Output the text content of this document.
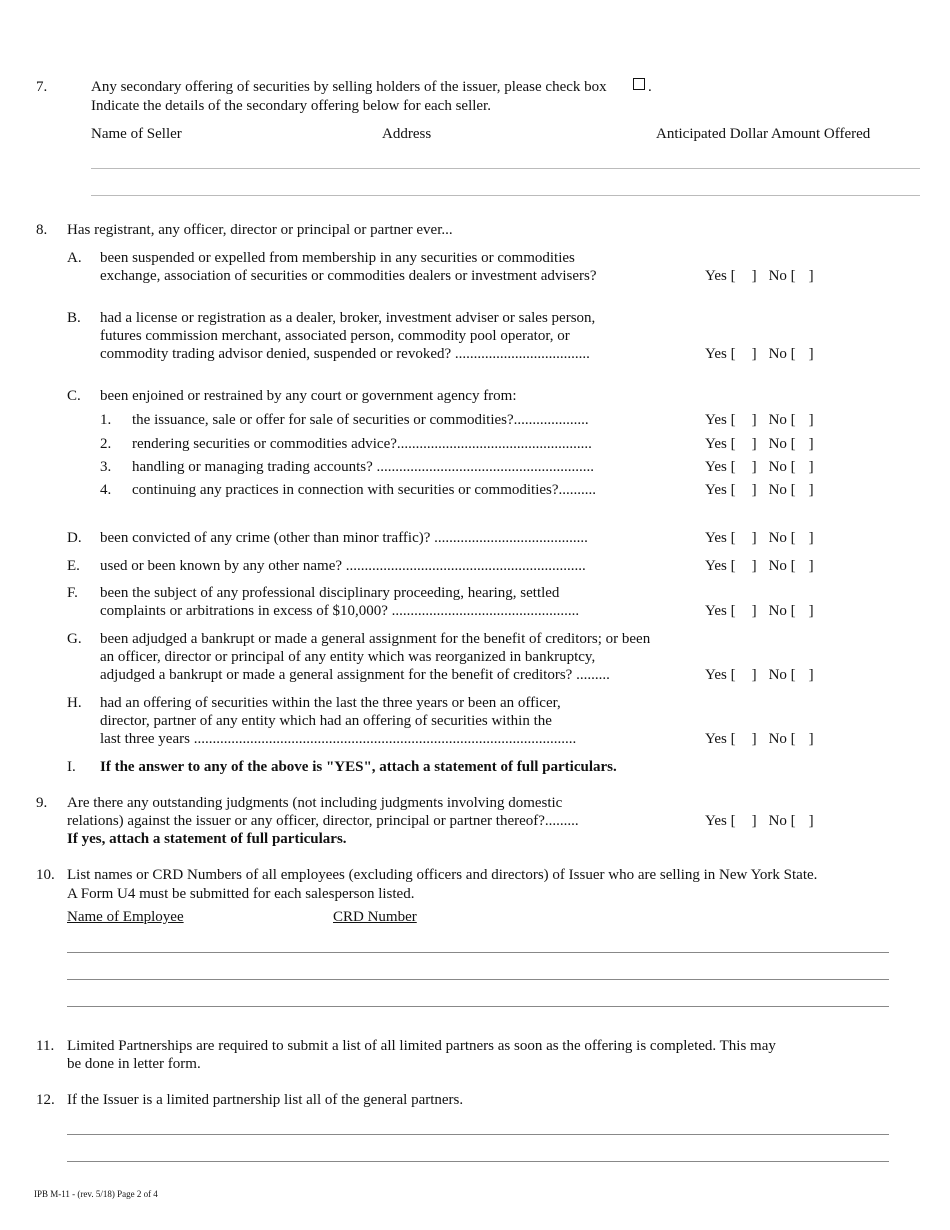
7.	Any secondary offering of securities by selling holders of the issuer, please check box	.
Indicate the details of the secondary offering below for each seller.
Name of Seller	Address	Anticipated Dollar Amount Offered
8. Has registrant, any officer, director or principal or partner ever...
A. been suspended or expelled from membership in any securities or commodities
exchange, association of securities or commodities dealers or investment advisers?	Yes [ ] No [ ]
B. had a license or registration as a dealer, broker, investment adviser or sales person,
futures commission merchant, associated person, commodity pool operator, or
commodity trading advisor denied, suspended or revoked? ....................................	Yes [ ] No [ ]
C. been enjoined or restrained by any court or government agency from:
1. the issuance, sale or offer for sale of securities or commodities?....................	Yes [ ] No [ ]
2. rendering securities or commodities advice?....................................................	Yes [ ] No [ ]
3. handling or managing trading accounts? ..........................................................	Yes [ ] No [ ]
4. continuing any practices in connection with securities or commodities?..........	Yes [ ] No [ ]
D. been convicted of any crime (other than minor traffic)? .........................................	Yes [ ] No [ ]
E. used or been known by any other name? ................................................................	Yes [ ] No [ ]
F. been the subject of any professional disciplinary proceeding, hearing, settled
complaints or arbitrations in excess of $10,000? ..................................................	Yes [ ] No [ ]
G. been adjudged a bankrupt or made a general assignment for the benefit of creditors; or been
an officer, director or principal of any entity which was reorganized in bankruptcy,
adjudged a bankrupt or made a general assignment for the benefit of creditors? .........	Yes [ ] No [ ]
H. had an offering of securities within the last the three years or been an officer,
director, partner of any entity which had an offering of securities within the
last three years ......................................................................................................	Yes [ ] No [ ]
I. If the answer to any of the above is "YES", attach a statement of full particulars.
9. Are there any outstanding judgments (not including judgments involving domestic
relations) against the issuer or any officer, director, principal or partner thereof?.........
If yes, attach a statement of full particulars.
Yes [ ] No [ ]
10. List names or CRD Numbers of all employees (excluding officers and directors) of Issuer who are selling in New York State.
A Form U4 must be submitted for each salesperson listed.
Name of Employee	CRD Number
11. Limited Partnerships are required to submit a list of all limited partners as soon as the offering is completed. This may
be done in letter form.
12. If the Issuer is a limited partnership list all of the general partners.
IPB M-11 - (rev. 5/18) Page 2 of 4
